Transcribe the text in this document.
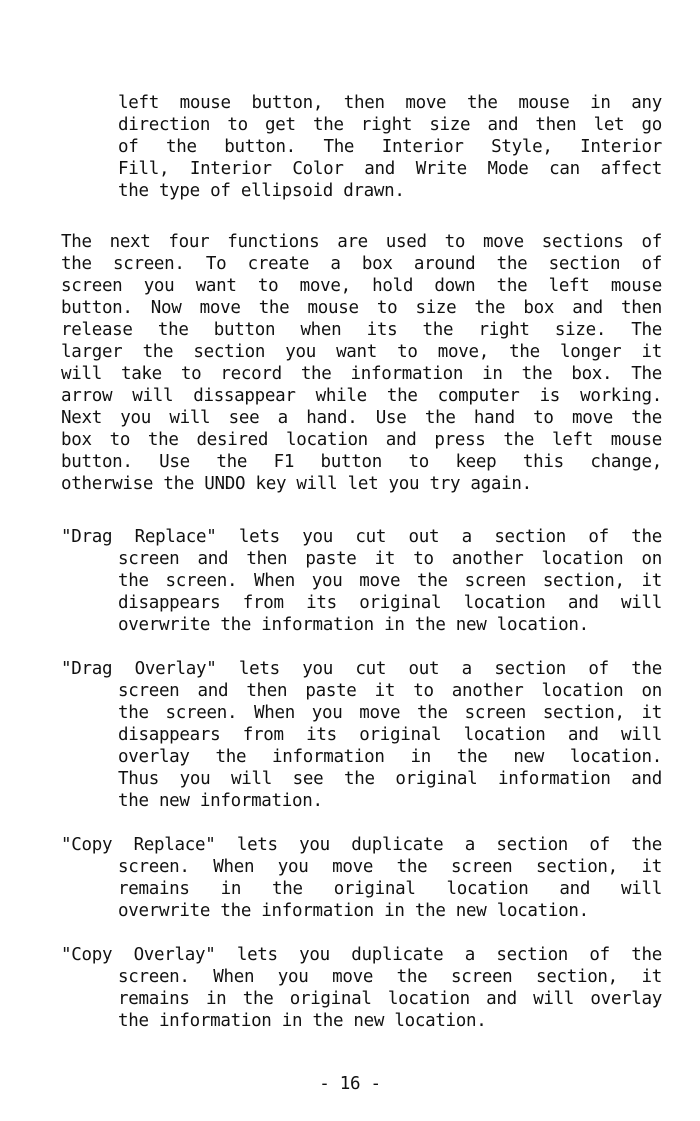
left mouse button, then move the mouse in any
direction to get the right size and then let go
of the button. The Interior Style, Interior
Fill, Interior Color and Write Mode can affect
the type of ellipsoid drawn.
The next four functions are used to move sections of
the screen. To create a box around the section of
screen you want to move, hold down the left mouse
button. Now move the mouse to size the box and then
release the button when its the right size. The
larger the section you want to move, the longer it
will take to record the information in the box. The
arrow will dissappear while the computer is working.
Next you will see a hand. Use the hand to move the
box to the desired location and press the left mouse
button. Use the F1 button to keep this change,
otherwise the UNDO key will let you try again.
"Drag Replace" lets you cut out a section of the
screen and then paste it to another location on
the screen. When you move the screen section, it
disappears from its original location and will
overwrite the information in the new location.
"Drag Overlay" lets you cut out a section of the
screen and then paste it to another location on
the screen. When you move the screen section, it
disappears from its original location and will
overlay the information in the new location.
Thus you will see the original information and
the new information.
"Copy Replace" lets you duplicate a section of the
screen. When you move the screen section, it
remains in the original location and will
overwrite the information in the new location.
"Copy Overlay" lets you duplicate a section of the
screen. When you move the screen section, it
remains in the original location and will overlay
the information in the new location.
- 16 -
